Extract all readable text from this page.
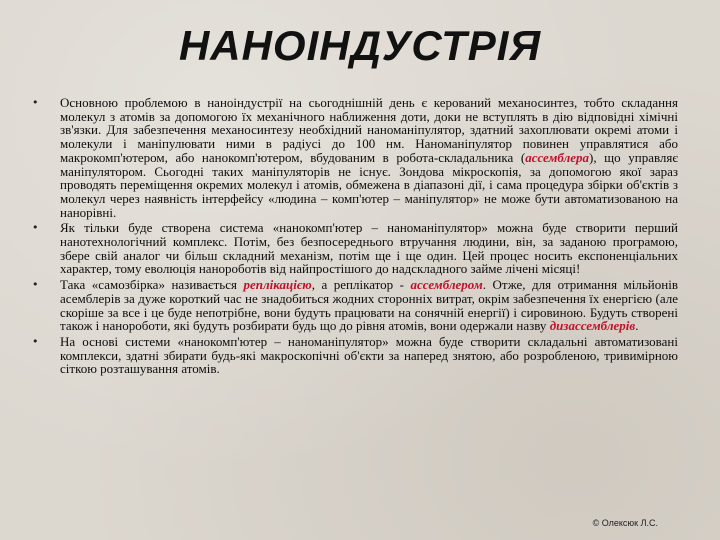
НАНОІНДУСТРІЯ
• Основною проблемою в наноіндустрії на сьогоднішній день є керований механосинтез, тобто складання молекул з атомів за допомогою їх механічного наближення доти, доки не вступлять в дію відповідні хімічні зв'язки. Для забезпечення механосинтезу необхідний наноманіпулятор, здатний захоплювати окремі атоми і молекули і маніпулювати ними в радіусі до 100 нм. Наноманіпулятор повинен управлятися або макрокомп'ютером, або нанокомп'ютером, вбудованим в робота-складальника (ассемблера), що управляє маніпулятором. Сьогодні таких маніпуляторів не існує. Зондова мікроскопія, за допомогою якої зараз проводять переміщення окремих молекул і атомів, обмежена в діапазоні дії, і сама процедура збірки об'єктів з молекул через наявність інтерфейсу «людина – комп'ютер – маніпулятор» не може бути автоматизованою на нанорівні.
• Як тільки буде створена система «нанокомп'ютер – наноманіпулятор» можна буде створити перший нанотехнологічний комплекс. Потім, без безпосереднього втручання людини, він, за заданою програмою, збере свій аналог чи більш складний механізм, потім ще і ще один. Цей процес носить експоненціальних характер, тому еволюція нанороботів від найпростішого до надскладного займе лічені місяці!
• Така «самозбірка» називається реплікацією, а реплікатор - ассемблером. Отже, для отримання мільйонів асемблерів за дуже короткий час не знадобиться жодних сторонніх витрат, окрім забезпечення їх енергією (але скоріше за все і це буде непотрібне, вони будуть працювати на сонячній енергії) і сировиною. Будуть створені також і нанороботи, які будуть розбирати будь що до рівня атомів, вони одержали назву дизассемблерів.
• На основі системи «нанокомп'ютер – наноманіпулятор» можна буде створити складальні автоматизовані комплекси, здатні збирати будь-які макроскопічні об'єкти за наперед знятою, або розробленою, тривимірною сіткою розташування атомів.
© Олексюк Л.С.
